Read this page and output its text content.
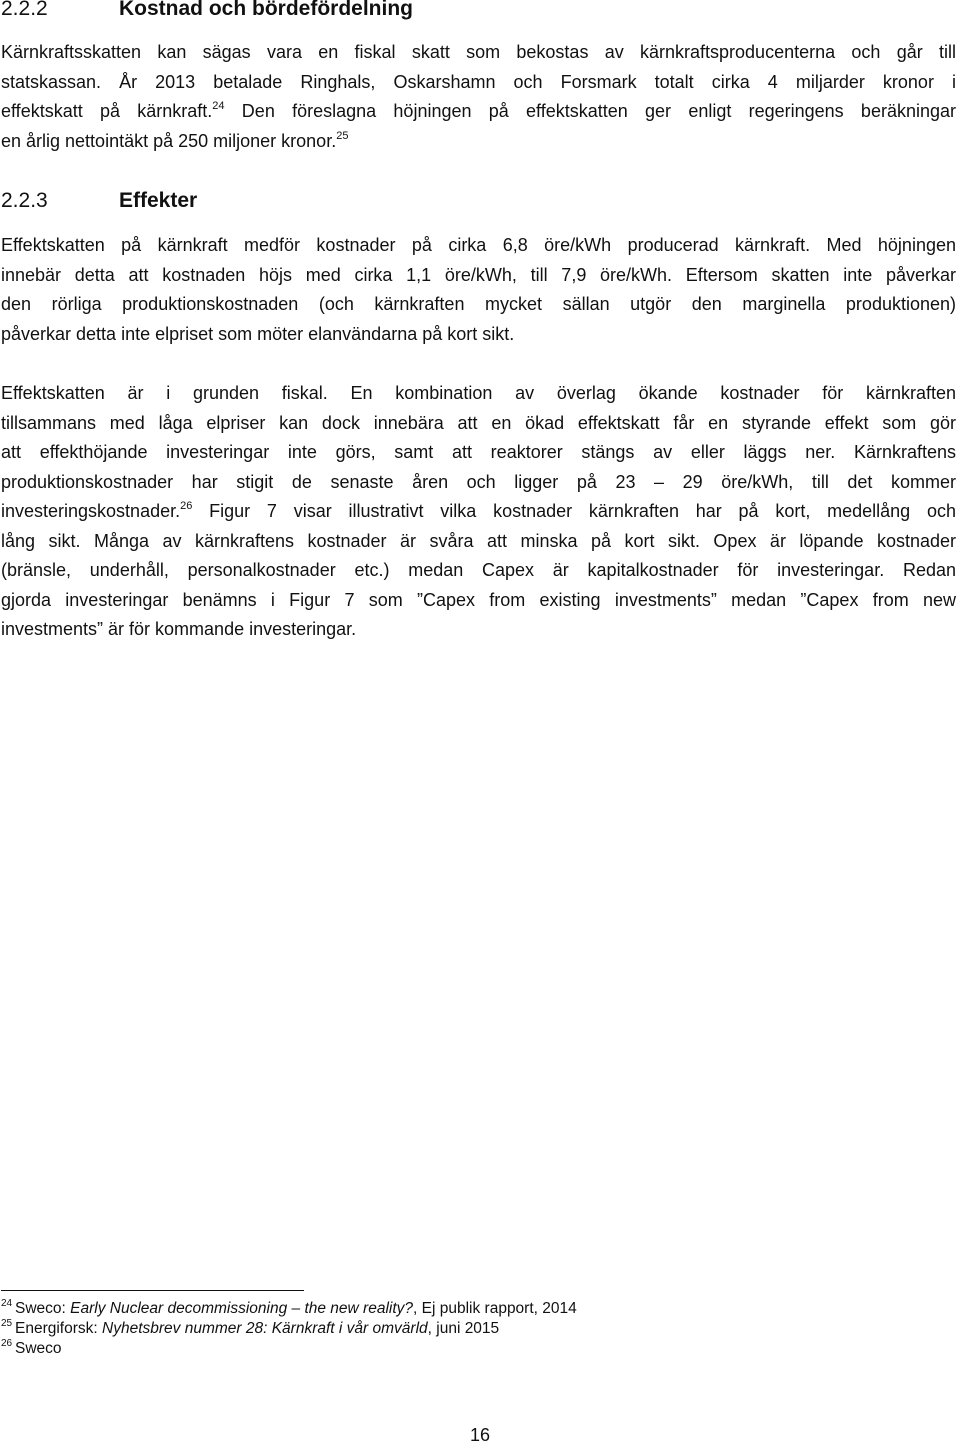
2.2.2	Kostnad och bördefördelning
Kärnkraftsskatten kan sägas vara en fiskal skatt som bekostas av kärnkraftsproducenterna och går till
statskassan. År 2013 betalade Ringhals, Oskarshamn och Forsmark totalt cirka 4 miljarder kronor i
effektskatt på kärnkraft.$^{24}$ Den föreslagna höjningen på effektskatten ger enligt regeringens beräkningar
en årlig nettointäkt på 250 miljoner kronor.$^{25}$
2.2.3	Effekter
Effektskatten på kärnkraft medför kostnader på cirka 6,8 öre/kWh producerad kärnkraft. Med höjningen
innebär detta att kostnaden höjs med cirka 1,1 öre/kWh, till 7,9 öre/kWh. Eftersom skatten inte påverkar
den rörliga produktionskostnaden (och kärnkraften mycket sällan utgör den marginella produktionen)
påverkar detta inte elpriset som möter elanvändarna på kort sikt.
Effektskatten är i grunden fiskal. En kombination av överlag ökande kostnader för kärnkraften
tillsammans med låga elpriser kan dock innebära att en ökad effektskatt får en styrande effekt som gör
att effekthöjande investeringar inte görs, samt att reaktorer stängs av eller läggs ner. Kärnkraftens
produktionskostnader har stigit de senaste åren och ligger på 23 – 29 öre/kWh, till det kommer
investeringskostnader.$^{26}$ Figur 7 visar illustrativt vilka kostnader kärnkraften har på kort, medellång och
lång sikt. Många av kärnkraftens kostnader är svåra att minska på kort sikt. Opex är löpande kostnader
(bränsle, underhåll, personalkostnader etc.) medan Capex är kapitalkostnader för investeringar. Redan
gjorda investeringar benämns i Figur 7 som ”Capex from existing investments” medan ”Capex from new
investments” är för kommande investeringar.
$^{24}$ Sweco: Early Nuclear decommissioning – the new reality?, Ej publik rapport, 2014
$^{25}$ Energiforsk: Nyhetsbrev nummer 28: Kärnkraft i vår omvärld, juni 2015
$^{26}$ Sweco
16
